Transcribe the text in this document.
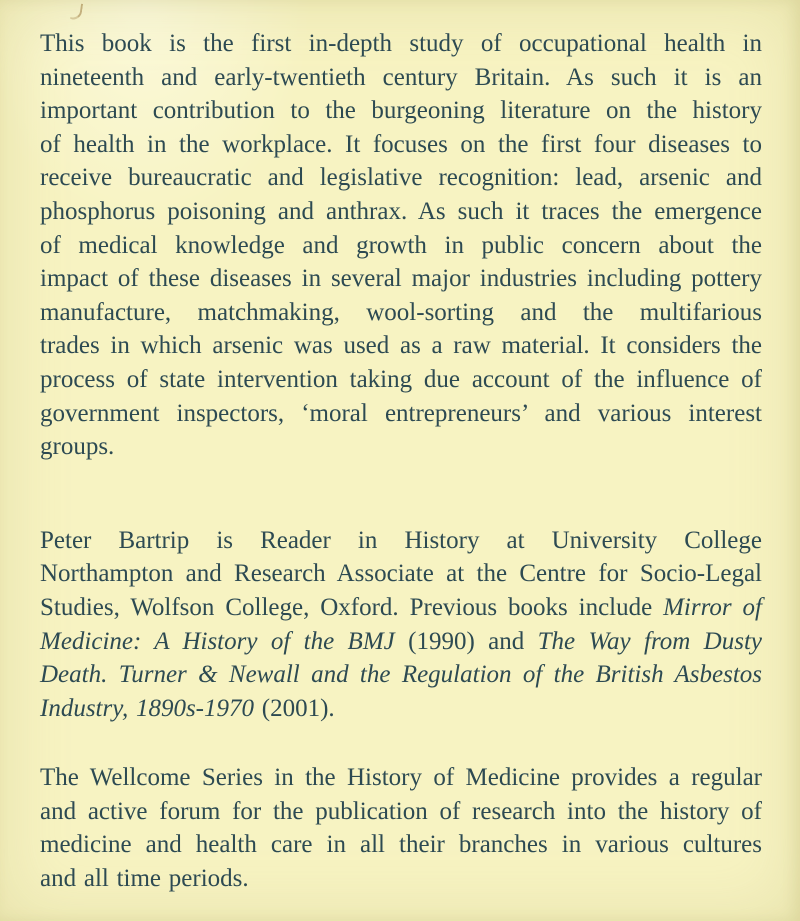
This book is the first in-depth study of occupational health in
nineteenth and early-twentieth century Britain. As such it is an
important contribution to the burgeoning literature on the history
of health in the workplace. It focuses on the first four diseases to
receive bureaucratic and legislative recognition: lead, arsenic and
phosphorus poisoning and anthrax. As such it traces the emergence
of medical knowledge and growth in public concern about the
impact of these diseases in several major industries including pottery
manufacture, matchmaking, wool-sorting and the multifarious
trades in which arsenic was used as a raw material. It considers the
process of state intervention taking due account of the influence of
government inspectors, ‘moral entrepreneurs’ and various interest
groups.
Peter Bartrip is Reader in History at University College
Northampton and Research Associate at the Centre for Socio-Legal
Studies, Wolfson College, Oxford. Previous books include Mirror of
Medicine: A History of the BMJ (1990) and The Way from Dusty
Death. Turner & Newall and the Regulation of the British Asbestos
Industry, 1890s-1970 (2001).
The Wellcome Series in the History of Medicine provides a regular
and active forum for the publication of research into the history of
medicine and health care in all their branches in various cultures
and all time periods.
